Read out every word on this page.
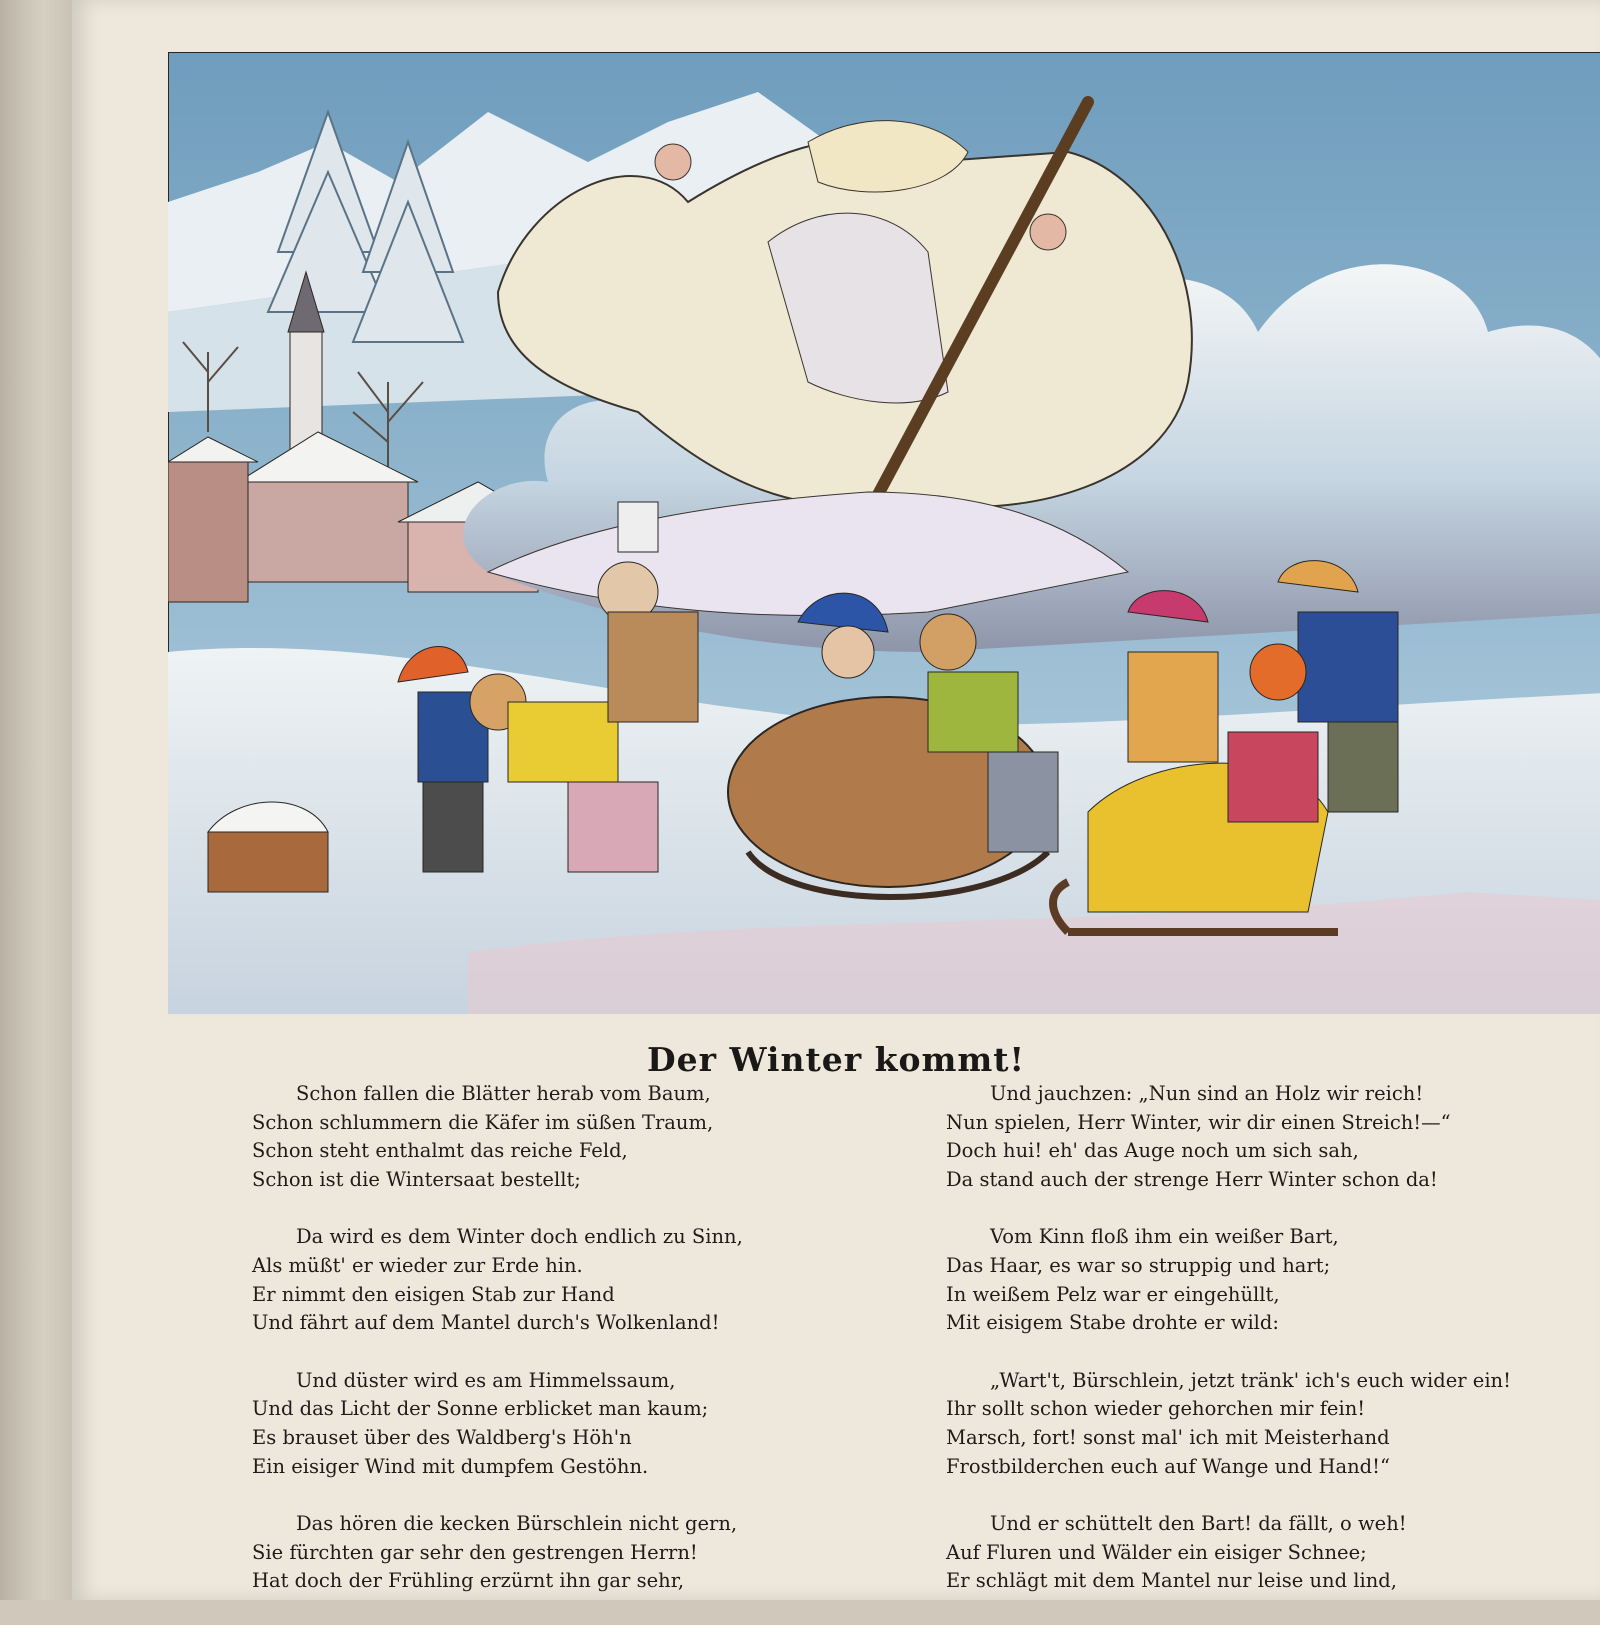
Der Winter kommt!
Schon fallen die Blätter herab vom Baum,
Schon schlummern die Käfer im süßen Traum,
Schon steht enthalmt das reiche Feld,
Schon ist die Wintersaat bestellt;
Da wird es dem Winter doch endlich zu Sinn,
Als müßt' er wieder zur Erde hin.
Er nimmt den eisigen Stab zur Hand
Und fährt auf dem Mantel durch's Wolkenland!
Und düster wird es am Himmelssaum,
Und das Licht der Sonne erblicket man kaum;
Es brauset über des Waldberg's Höh'n
Ein eisiger Wind mit dumpfem Gestöhn.
Das hören die kecken Bürschlein nicht gern,
Sie fürchten gar sehr den gestrengen Herrn!
Hat doch der Frühling erzürnt ihn gar sehr,
Und jauchzen: „Nun sind an Holz wir reich!
Nun spielen, Herr Winter, wir dir einen Streich!—“
Doch hui! eh' das Auge noch um sich sah,
Da stand auch der strenge Herr Winter schon da!
Vom Kinn floß ihm ein weißer Bart,
Das Haar, es war so struppig und hart;
In weißem Pelz war er eingehüllt,
Mit eisigem Stabe drohte er wild:
„Wart't, Bürschlein, jetzt tränk' ich's euch wider ein!
Ihr sollt schon wieder gehorchen mir fein!
Marsch, fort! sonst mal' ich mit Meisterhand
Frostbilderchen euch auf Wange und Hand!“
Und er schüttelt den Bart! da fällt, o weh!
Auf Fluren und Wälder ein eisiger Schnee;
Er schlägt mit dem Mantel nur leise und lind,
